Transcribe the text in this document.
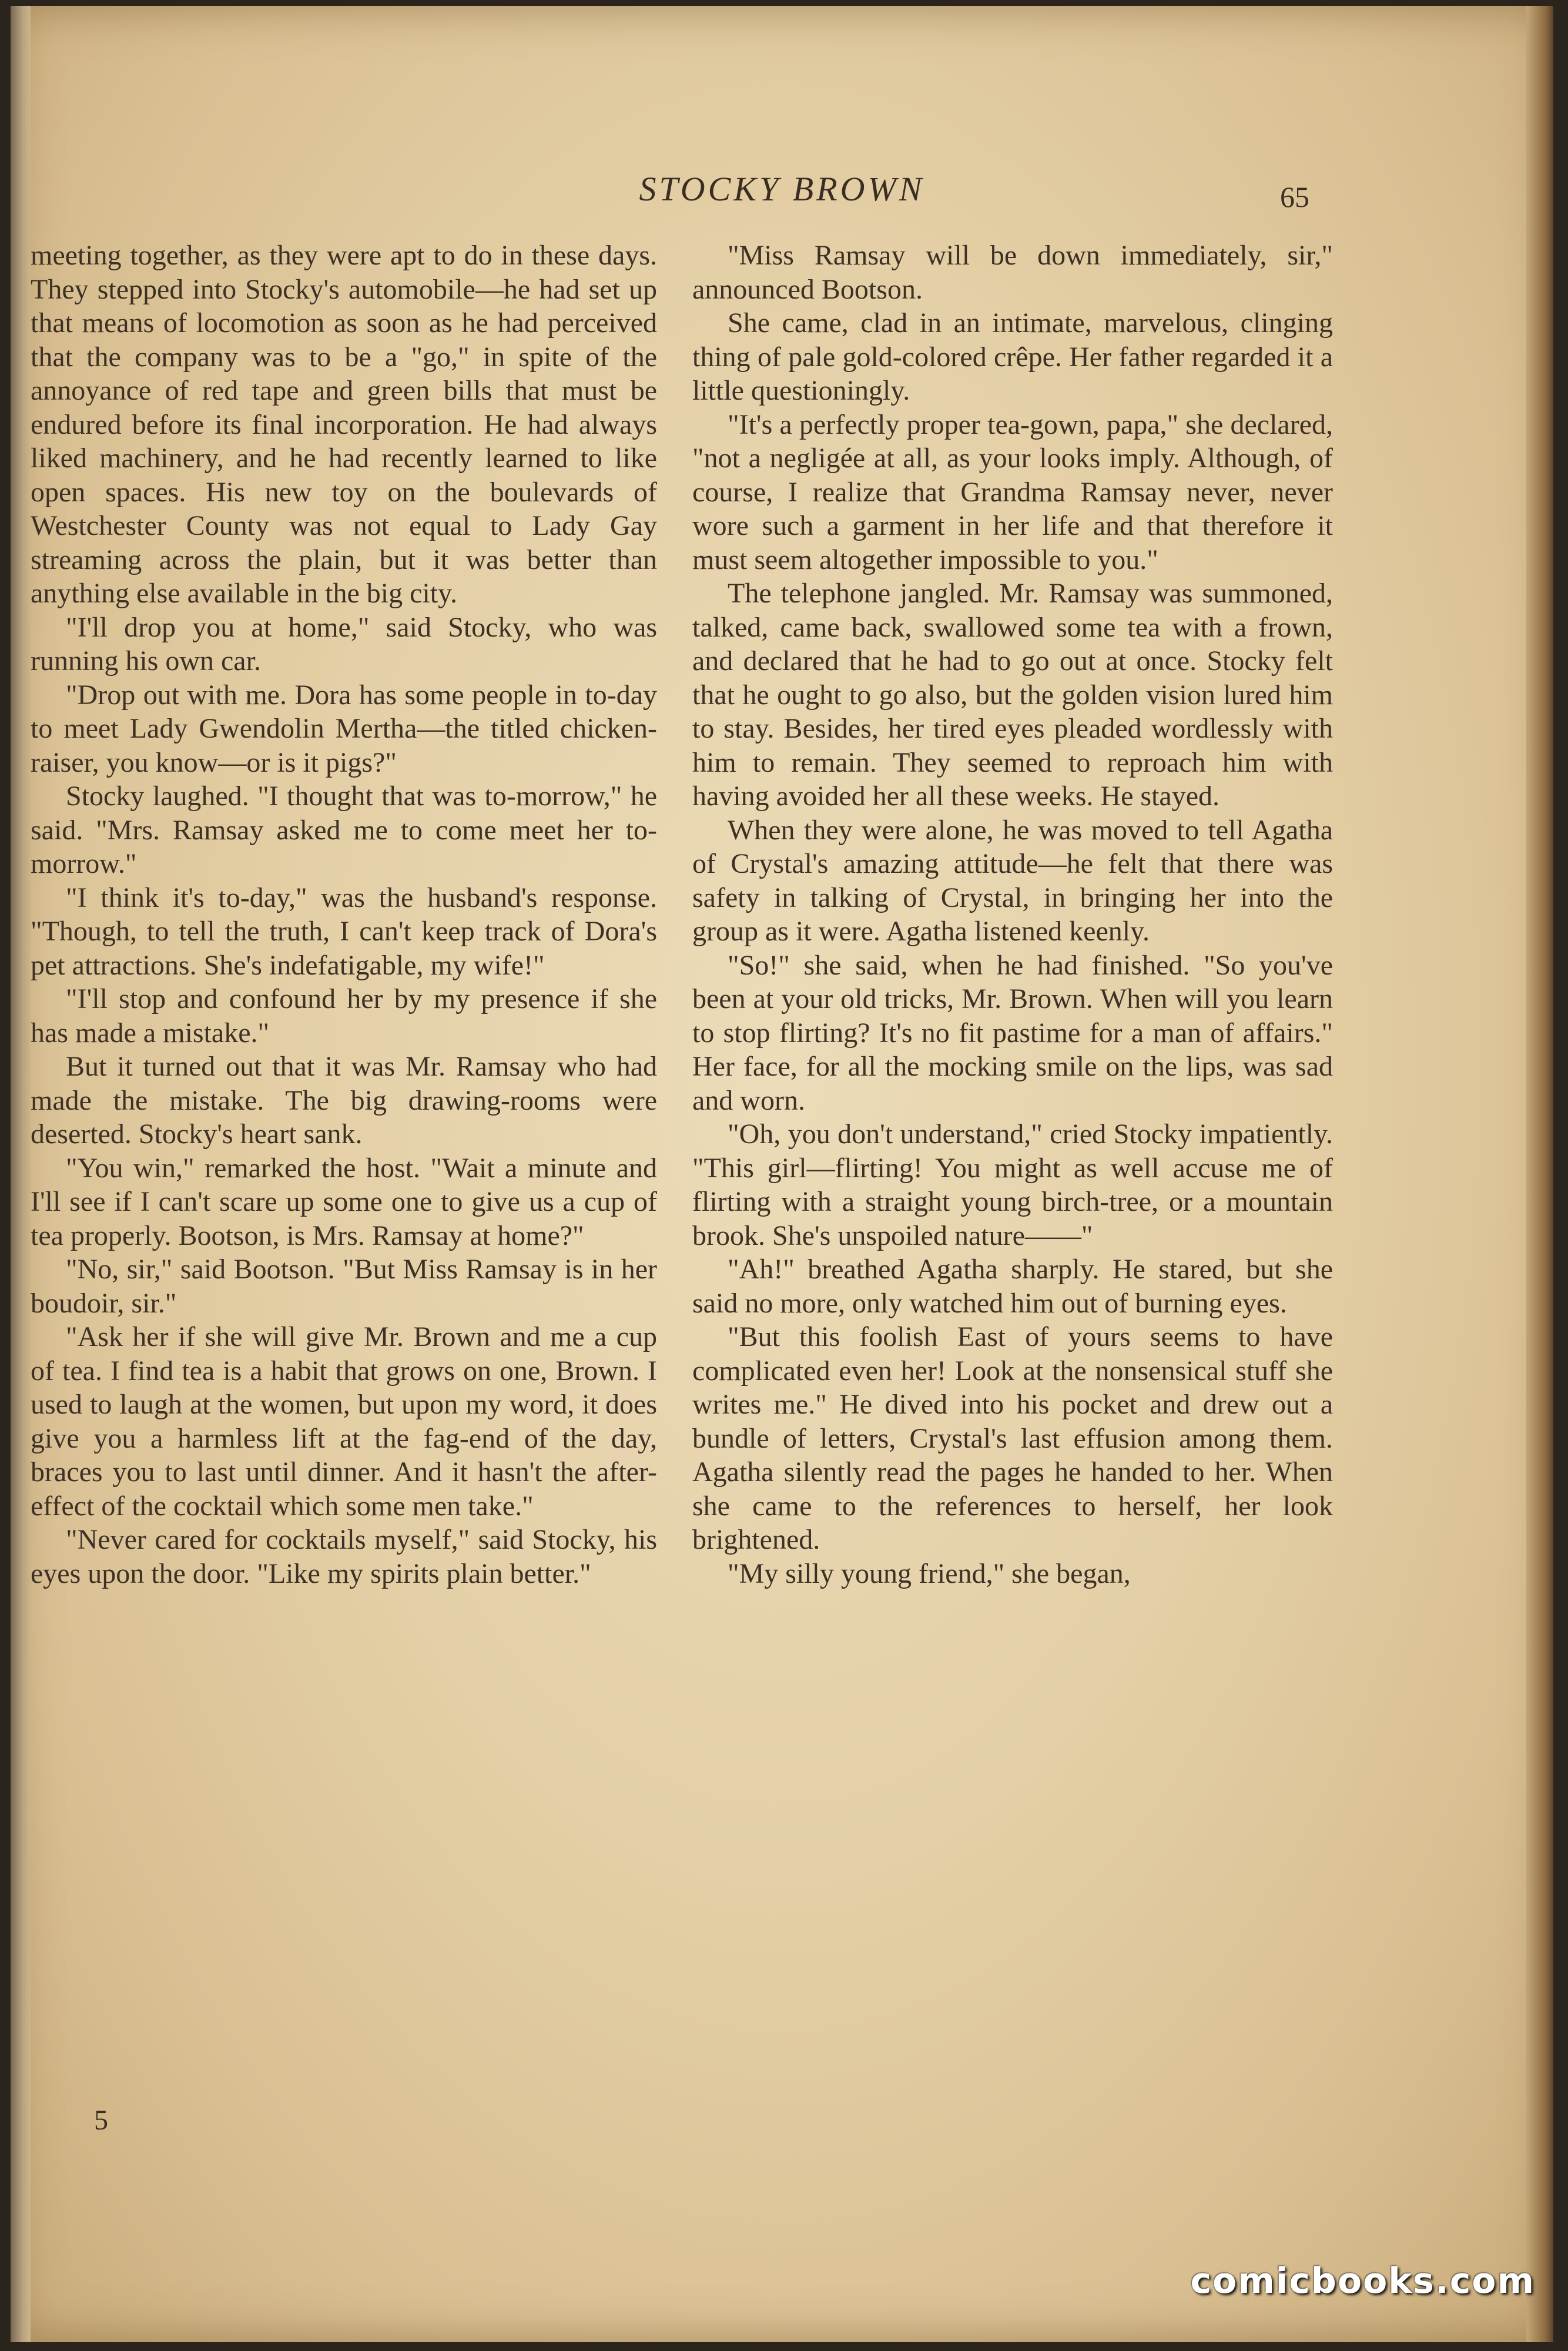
STOCKY BROWN	65

meeting together, as they were apt to do in these days. They stepped into Stocky's automobile—he had set up that means of locomotion as soon as he had perceived that the company was to be a "go," in spite of the annoyance of red tape and green bills that must be endured before its final incorporation. He had always liked machinery, and he had recently learned to like open spaces. His new toy on the boulevards of Westchester County was not equal to Lady Gay streaming across the plain, but it was better than anything else available in the big city.

"I'll drop you at home," said Stocky, who was running his own car.

"Drop out with me. Dora has some people in to-day to meet Lady Gwendolin Mertha—the titled chicken-raiser, you know—or is it pigs?"

Stocky laughed. "I thought that was to-morrow," he said. "Mrs. Ramsay asked me to come meet her to-morrow."

"I think it's to-day," was the husband's response. "Though, to tell the truth, I can't keep track of Dora's pet attractions. She's indefatigable, my wife!"

"I'll stop and confound her by my presence if she has made a mistake."

But it turned out that it was Mr. Ramsay who had made the mistake. The big drawing-rooms were deserted. Stocky's heart sank.

"You win," remarked the host. "Wait a minute and I'll see if I can't scare up some one to give us a cup of tea properly. Bootson, is Mrs. Ramsay at home?"

"No, sir," said Bootson. "But Miss Ramsay is in her boudoir, sir."

"Ask her if she will give Mr. Brown and me a cup of tea. I find tea is a habit that grows on one, Brown. I used to laugh at the women, but upon my word, it does give you a harmless lift at the fag-end of the day, braces you to last until dinner. And it hasn't the after-effect of the cocktail which some men take."

"Never cared for cocktails myself," said Stocky, his eyes upon the door. "Like my spirits plain better."

"Miss Ramsay will be down immediately, sir," announced Bootson.

She came, clad in an intimate, marvelous, clinging thing of pale gold-colored crêpe. Her father regarded it a little questioningly.

"It's a perfectly proper tea-gown, papa," she declared, "not a negligée at all, as your looks imply. Although, of course, I realize that Grandma Ramsay never, never wore such a garment in her life and that therefore it must seem altogether impossible to you."

The telephone jangled. Mr. Ramsay was summoned, talked, came back, swallowed some tea with a frown, and declared that he had to go out at once. Stocky felt that he ought to go also, but the golden vision lured him to stay. Besides, her tired eyes pleaded wordlessly with him to remain. They seemed to reproach him with having avoided her all these weeks. He stayed.

When they were alone, he was moved to tell Agatha of Crystal's amazing attitude—he felt that there was safety in talking of Crystal, in bringing her into the group as it were. Agatha listened keenly.

"So!" she said, when he had finished. "So you've been at your old tricks, Mr. Brown. When will you learn to stop flirting? It's no fit pastime for a man of affairs." Her face, for all the mocking smile on the lips, was sad and worn.

"Oh, you don't understand," cried Stocky impatiently. "This girl—flirting! You might as well accuse me of flirting with a straight young birch-tree, or a mountain brook. She's unspoiled nature——"

"Ah!" breathed Agatha sharply. He stared, but she said no more, only watched him out of burning eyes.

"But this foolish East of yours seems to have complicated even her! Look at the nonsensical stuff she writes me." He dived into his pocket and drew out a bundle of letters, Crystal's last effusion among them. Agatha silently read the pages he handed to her. When she came to the references to herself, her look brightened.

"My silly young friend," she began,

5
comicbooks.com
